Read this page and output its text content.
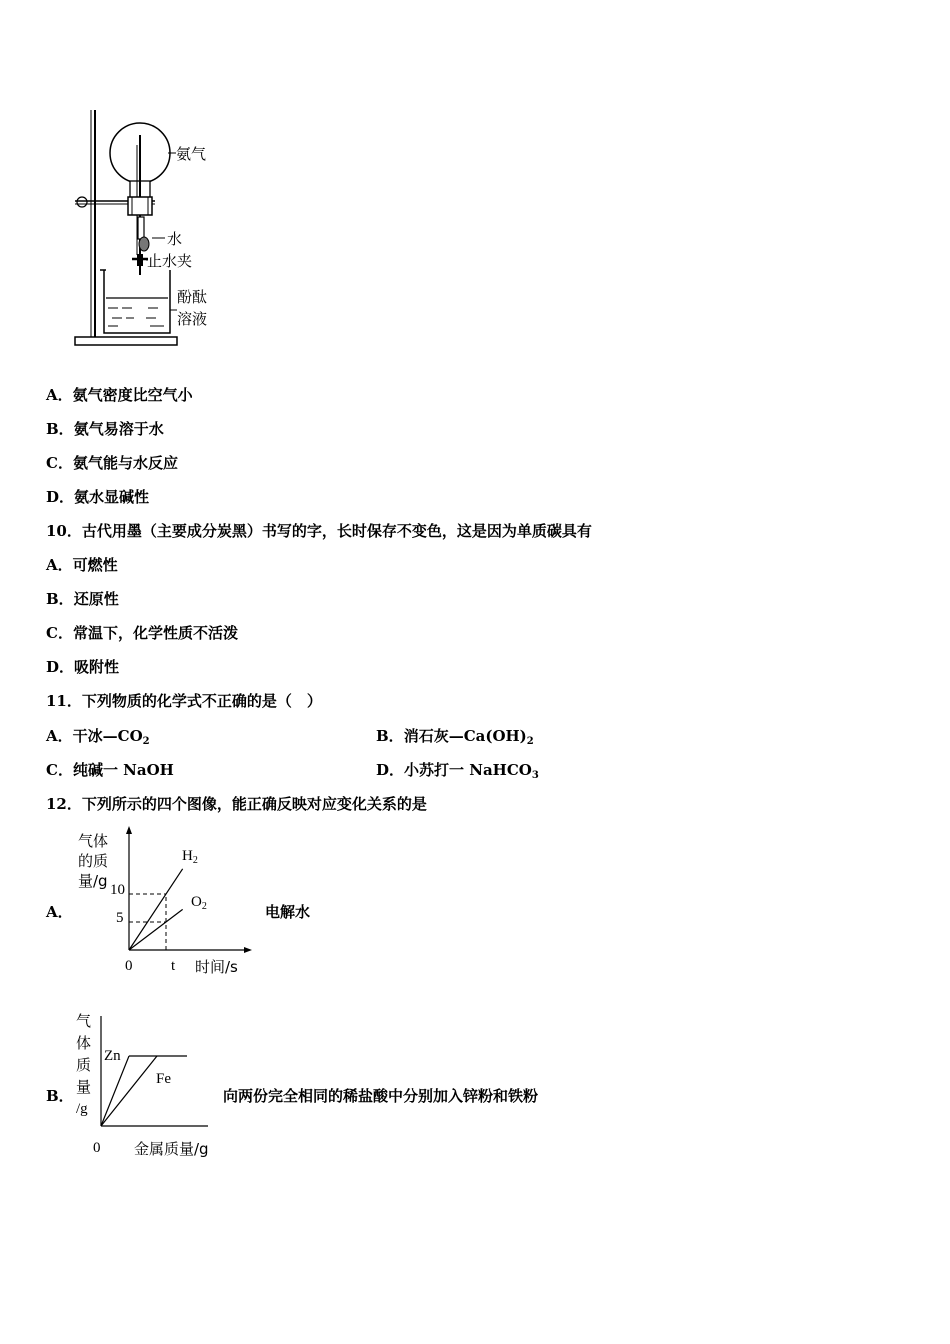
氨气
水
止水夹
酚酞
溶液
A．氨气密度比空气小
B．氨气易溶于水
C．氨气能与水反应
D．氨水显碱性
10．古代用墨（主要成分炭黑）书写的字，长时保存不变色，这是因为单质碳具有
A．可燃性
B．还原性
C．常温下，化学性质不活泼
D．吸附性
11．下列物质的化学式不正确的是（　）
A．干冰$—CO_2$	B．消石灰$—Ca(OH)_2$
C．纯碱一 NaOH	D．小苏打一 NaHCO$_3$
12．下列所示的四个图像，能正确反映对应变化关系的是
A．
气体
的质
量/g 10
5
0	t 时间/s
$H_2$
$O_2$	电解水
B．
气
体
质
量
/g
Zn
Fe
0 金属质量/g
向两份完全相同的稀盐酸中分别加入锌粉和铁粉
